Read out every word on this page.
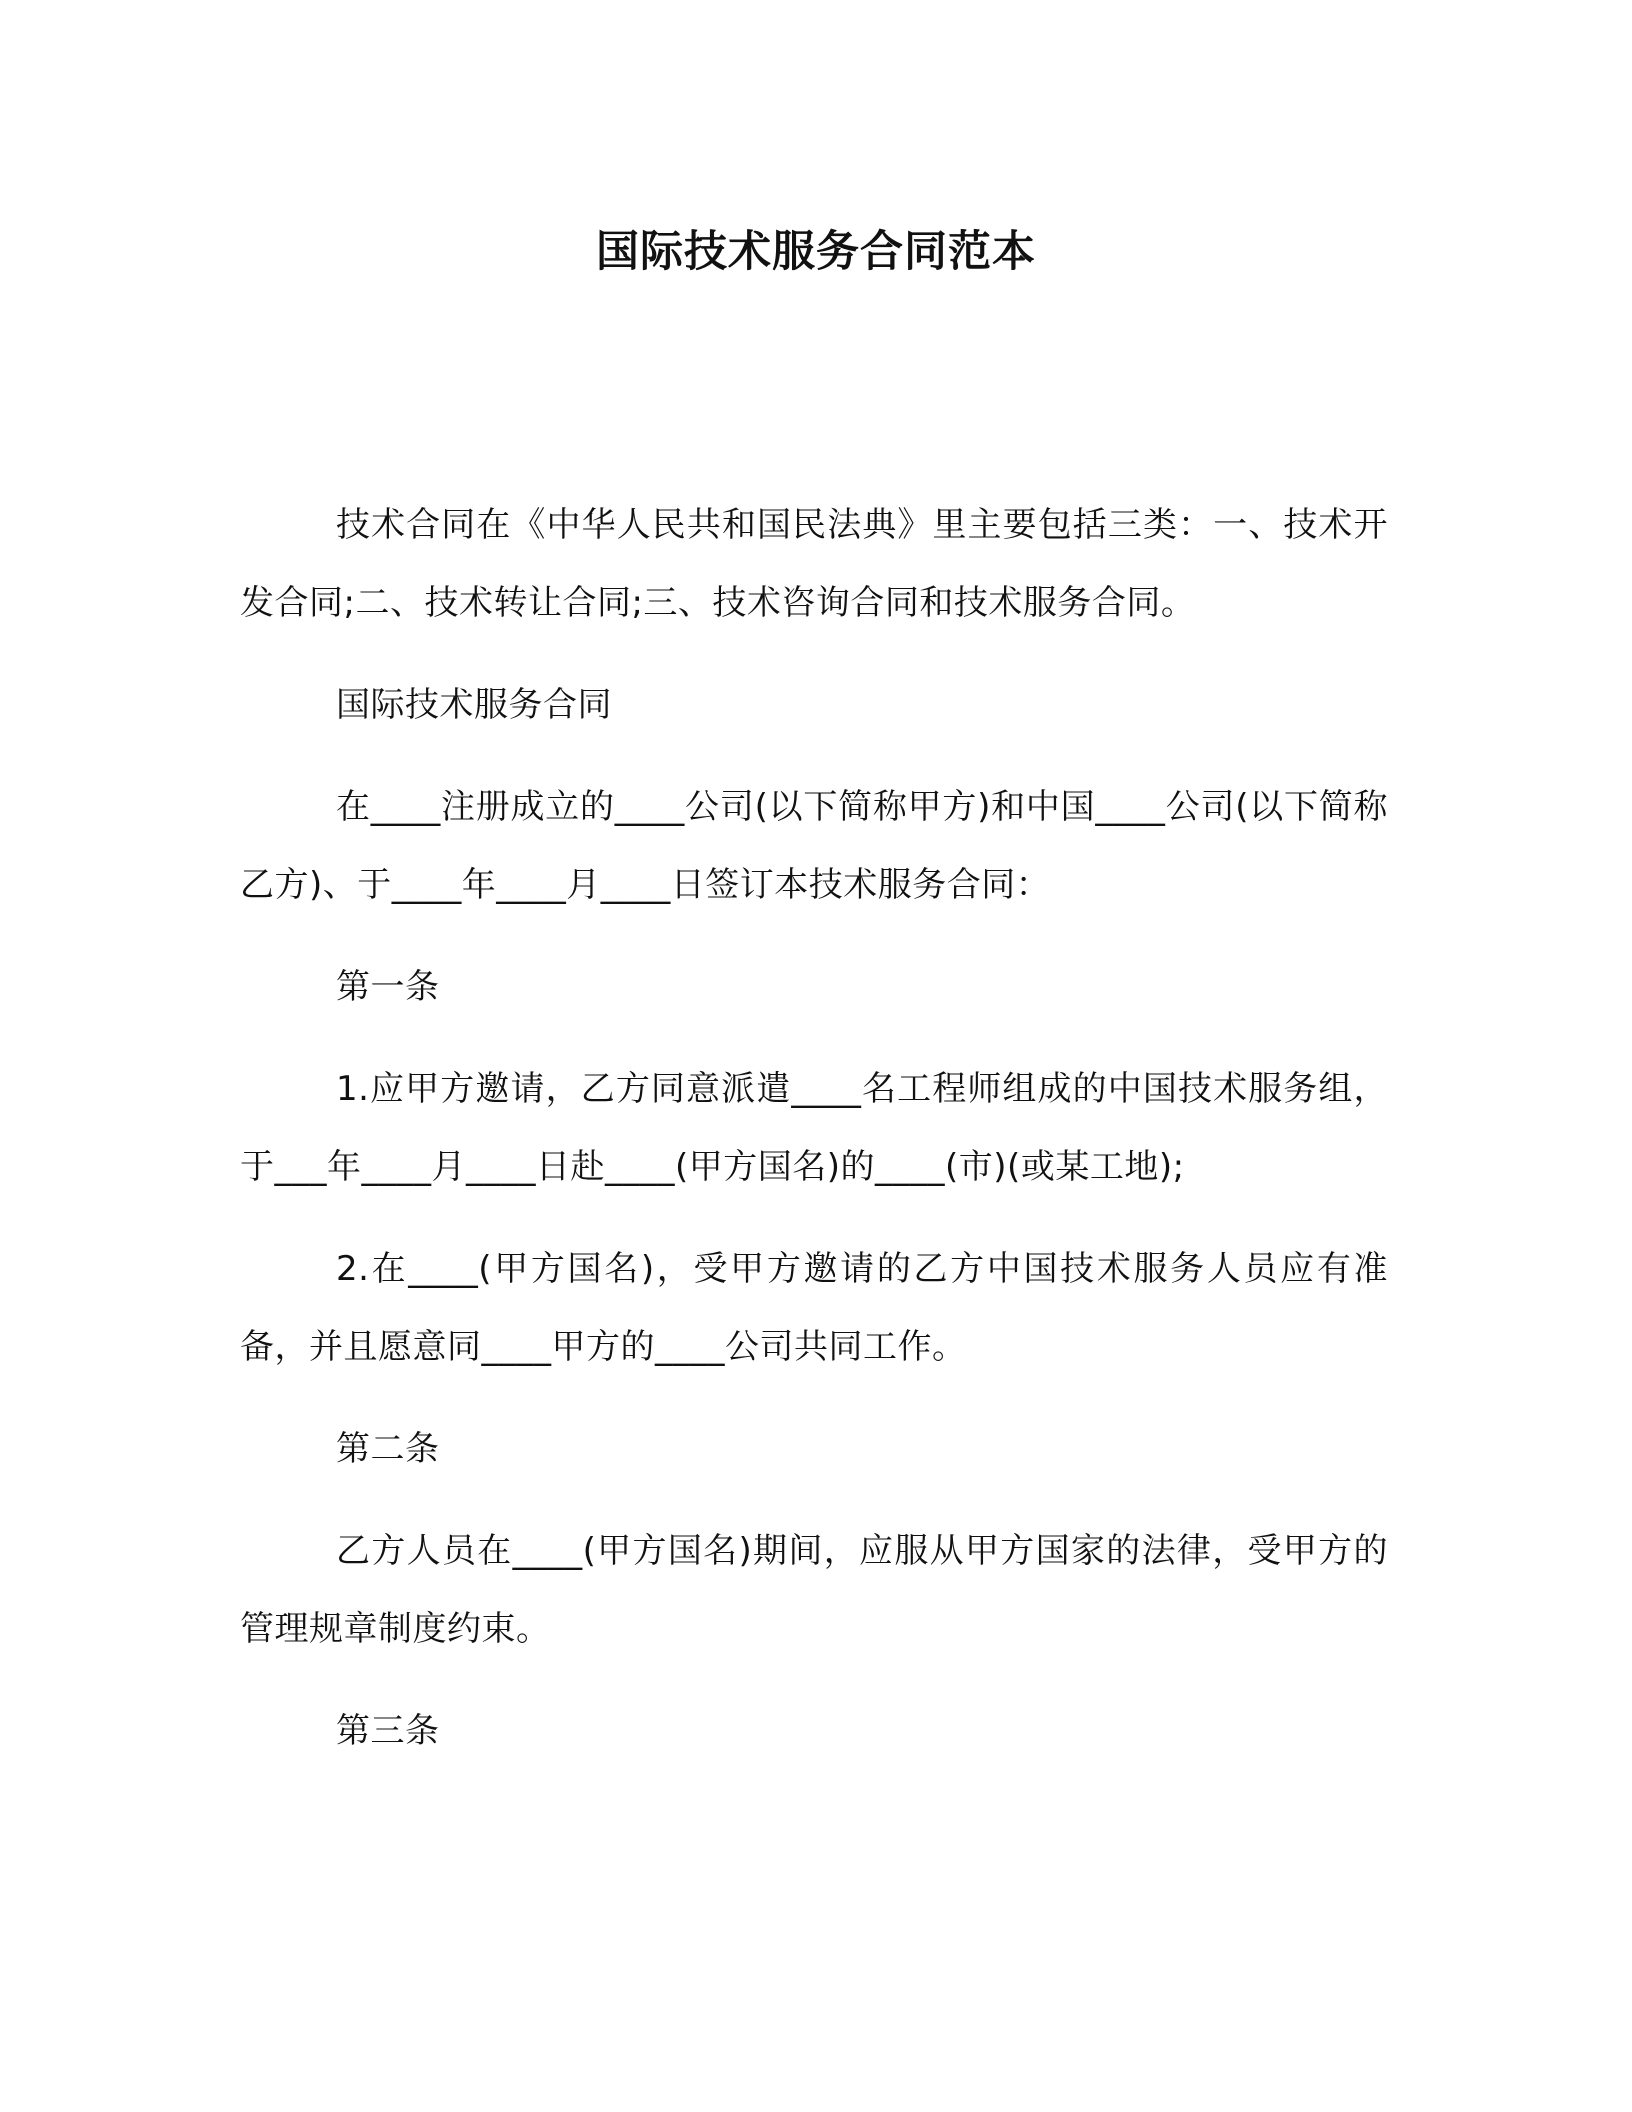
国际技术服务合同范本

技术合同在《中华人民共和国民法典》里主要包括三类：一、技术开发合同;二、技术转让合同;三、技术咨询合同和技术服务合同。

国际技术服务合同

在____注册成立的____公司(以下简称甲方)和中国____公司(以下简称乙方)、于____年____月____日签订本技术服务合同：

第一条

1.应甲方邀请，乙方同意派遣____名工程师组成的中国技术服务组，于___年____月____日赴____(甲方国名)的____(市)(或某工地);

2.在____(甲方国名)，受甲方邀请的乙方中国技术服务人员应有准备，并且愿意同____甲方的____公司共同工作。

第二条

乙方人员在____(甲方国名)期间，应服从甲方国家的法律，受甲方的管理规章制度约束。

第三条
